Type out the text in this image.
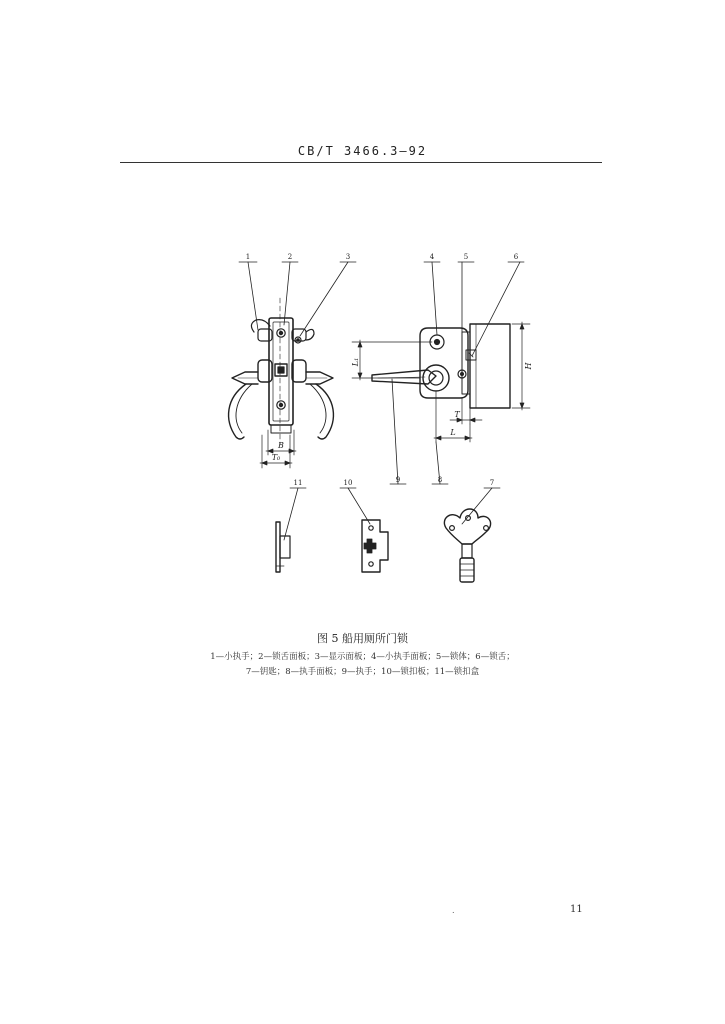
CB/T 3466.3—92
1	2	3	4	5	6
7
8
9
10
11
B
T₀
L₁	H
T
L
图 5 船用厕所门锁
1—小执手；2—锁舌面板；3—显示面板；4—小执手面板；5—锁体；6—锁舌；
7—钥匙；8—执手面板；9—执手；10—锁扣板；11—锁扣盒
.	11
